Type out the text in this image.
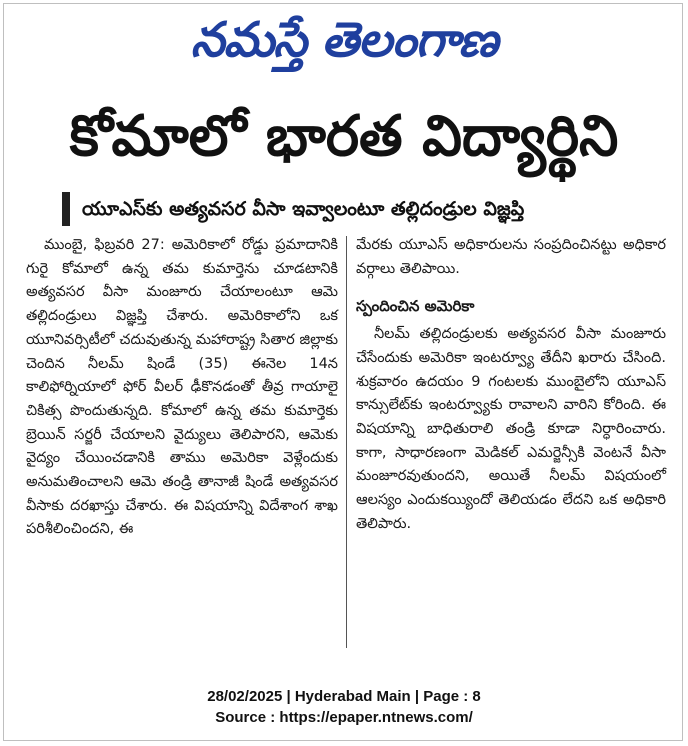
నమస్తే తెలంగాణ
కోమాలో భారత విద్యార్థిని
యూఎస్‌కు అత్యవసర వీసా ఇవ్వాలంటూ తల్లిదండ్రుల విజ్ఞప్తి

ముంబై, ఫిబ్రవరి 27: అమెరికాలో రోడ్డు ప్రమాదానికి గురై కోమాలో ఉన్న తమ కుమార్తెను చూడటానికి అత్యవసర వీసా మంజూరు చేయాలంటూ ఆమె తల్లిదండ్రులు విజ్ఞప్తి చేశారు. అమెరికాలోని ఒక యూనివర్సిటీలో చదువుతున్న మహారాష్ట్ర సితార జిల్లాకు చెందిన నీలమ్ షిండే (35) ఈనెల 14న కాలిఫోర్నియాలో ఫోర్ వీలర్ ఢీకొనడంతో తీవ్ర గాయాలై చికిత్స పొందుతున్నది. కోమాలో ఉన్న తమ కుమార్తెకు బ్రెయిన్ సర్జరీ చేయాలని వైద్యులు తెలిపారని, ఆమెకు వైద్యం చేయించడానికి తాము అమెరికా వెళ్లేందుకు అనుమతించాలని ఆమె తండ్రి తానాజీ షిండే అత్యవసర వీసాకు దరఖాస్తు చేశారు. ఈ విషయాన్ని విదేశాంగ శాఖ పరిశీలించిందని, ఈ

మేరకు యూఎస్ అధికారులను సంప్రదించినట్టు అధికార వర్గాలు తెలిపాయి.

స్పందించిన అమెరికా

నీలమ్ తల్లిదండ్రులకు అత్యవసర వీసా మంజూరు చేసేందుకు అమెరికా ఇంటర్వ్యూ తేదీని ఖరారు చేసింది. శుక్రవారం ఉదయం 9 గంటలకు ముంబైలోని యూఎస్ కాన్సులేట్‌కు ఇంటర్వ్యూకు రావాలని వారిని కోరింది. ఈ విషయాన్ని బాధితురాలి తండ్రి కూడా నిర్ధారించారు. కాగా, సాధారణంగా మెడికల్ ఎమర్జెన్సీకి వెంటనే వీసా మంజూరవుతుందని, అయితే నీలమ్ విషయంలో ఆలస్యం ఎందుకయ్యిందో తెలియడం లేదని ఒక అధికారి తెలిపారు.

28/02/2025 | Hyderabad Main | Page : 8
Source : https://epaper.ntnews.com/
